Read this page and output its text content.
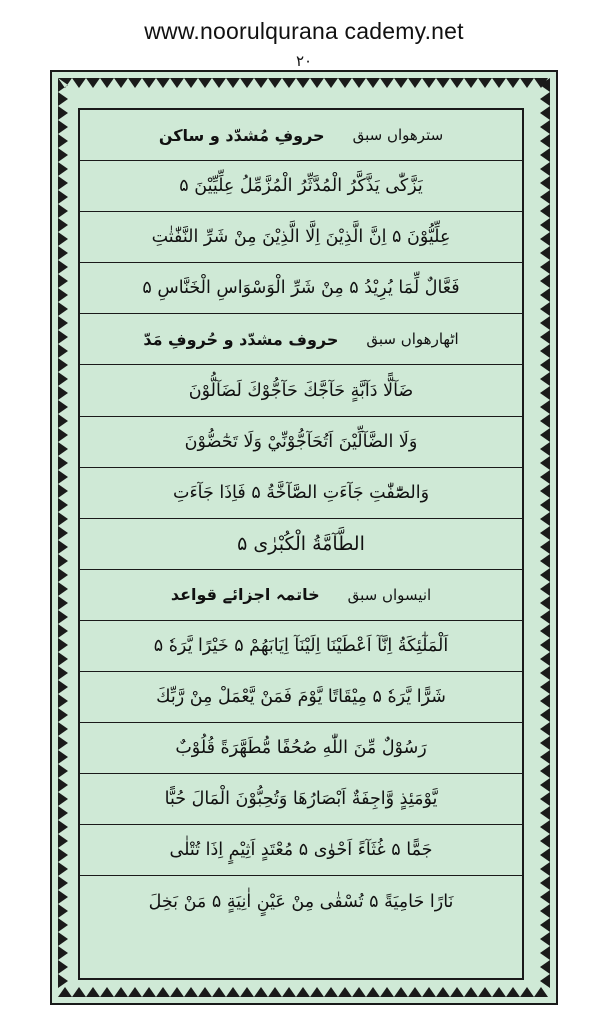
www.noorulqurana cademy.net
۲۰
سترھواں سبق
حروفِ مُشدّد و ساکن
یَزَّکّٰی یَذَّکَّرُ الْمُدَّثِّرُ الْمُزَّمِّلُ عِلِّیِّیْنَ ۵
عِلِّیُّوْنَ ۵ اِنَّ الَّذِیْنَ اِلَّا الَّذِیْنَ مِنْ شَرِّ النَّفّٰثٰتِ
فَعَّالٌ لِّمَا یُرِیْدُ ۵ مِنْ شَرِّ الْوَسْوَاسِ الْخَنَّاسِ ۵
اٹھارھواں سبق
حروف مشدّد و حُروفِ مَدّ
ضَآلًّا دَآبَّةٍ حَآجَّكَ حَآجُّوْكَ لَضَآلُّوْنَ
وَلَا الضَّآلِّيْنَ اَتُحَآجُّوْنِّيْ وَلَا تَحٰٓضُّوْنَ
وَالصّٰٓفّٰتِ جَآءَتِ الصَّآخَّةُ ۵ فَاِذَا جَآءَتِ
الطَّآمَّةُ الْكُبْرٰى ۵
انیسواں سبق
خاتمہ اجزائے قواعد
اَلْمَلٰٓئِكَةُ اِنَّآ اَعْطَيْنَا اِلَيْنَآ اِيَابَهُمْ ۵ خَيْرًا يَّرَهٗ ۵
شَرًّا يَّرَهٗ ۵ مِيْقَاتًا يَّوْمَ فَمَنْ يَّعْمَلْ مِنْ رَّبِّكَ
رَسُوْلٌ مِّنَ اللّٰهِ صُحُفًا مُّطَهَّرَةً قُلُوْبٌ
يَّوْمَئِذٍ وَّاجِفَةٌ اَبْصَارُهَا وَتُحِبُّوْنَ الْمَالَ حُبًّا
جَمًّا ۵ غُثَآءً اَحْوٰى ۵ مُعْتَدٍ اَثِيْمٍ اِذَا تُتْلٰى
نَارًا حَامِيَةً ۵ تُسْقٰى مِنْ عَيْنٍ اٰنِيَةٍ ۵ مَنْ بَخِلَ
